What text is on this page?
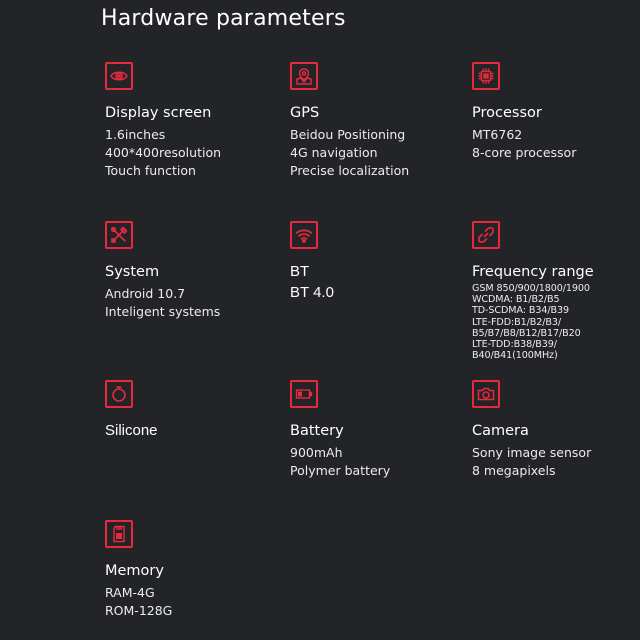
Hardware parameters
Display screen
1.6inches
400*400resolution
Touch function
GPS
Beidou Positioning
4G navigation
Precise localization
Processor
MT6762
8-core processor
System
Android 10.7
Inteligent systems
BT
BT 4.0
Frequency range
GSM 850/900/1800/1900
WCDMA: B1/B2/B5
TD-SCDMA: B34/B39
LTE-FDD:B1/B2/B3/
B5/B7/B8/B12/B17/B20
LTE-TDD:B38/B39/
B40/B41(100MHz)
Silicone	Battery
900mAh
Polymer battery
Camera
Sony image sensor
8 megapixels
Memory
RAM-4G
ROM-128G
